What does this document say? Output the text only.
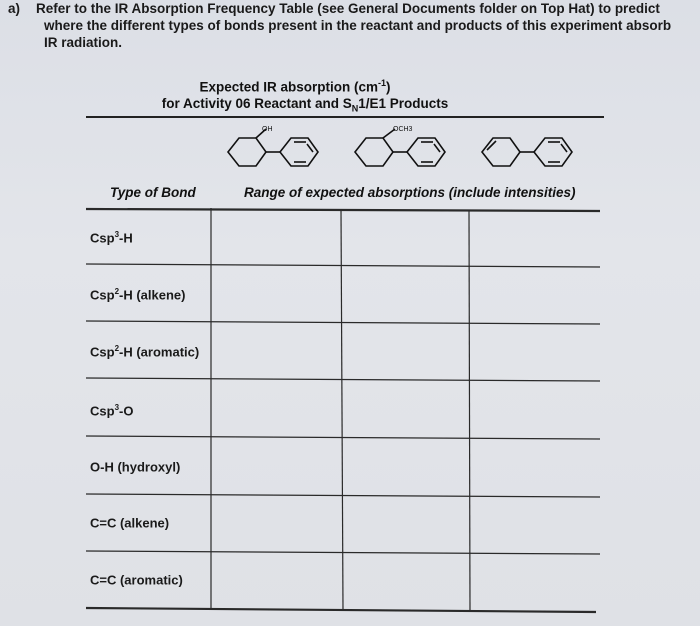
a) Refer to the IR Absorption Frequency Table (see General Documents folder on Top Hat) to predict
where the different types of bonds present in the reactant and products of this experiment absorb
IR radiation.
Expected IR absorption $(cm^{-1})$
for Activity 06 Reactant and $S_N1/E1$ Products
OH	OCH3
Type of Bond	Range of expected absorptions (include intensities)
Csp$^3$-H
Csp$^2$-H (alkene)
Csp$^2$-H (aromatic)
Csp$^3$-O
O-H (hydroxyl)
C=C (alkene)
C=C (aromatic)
